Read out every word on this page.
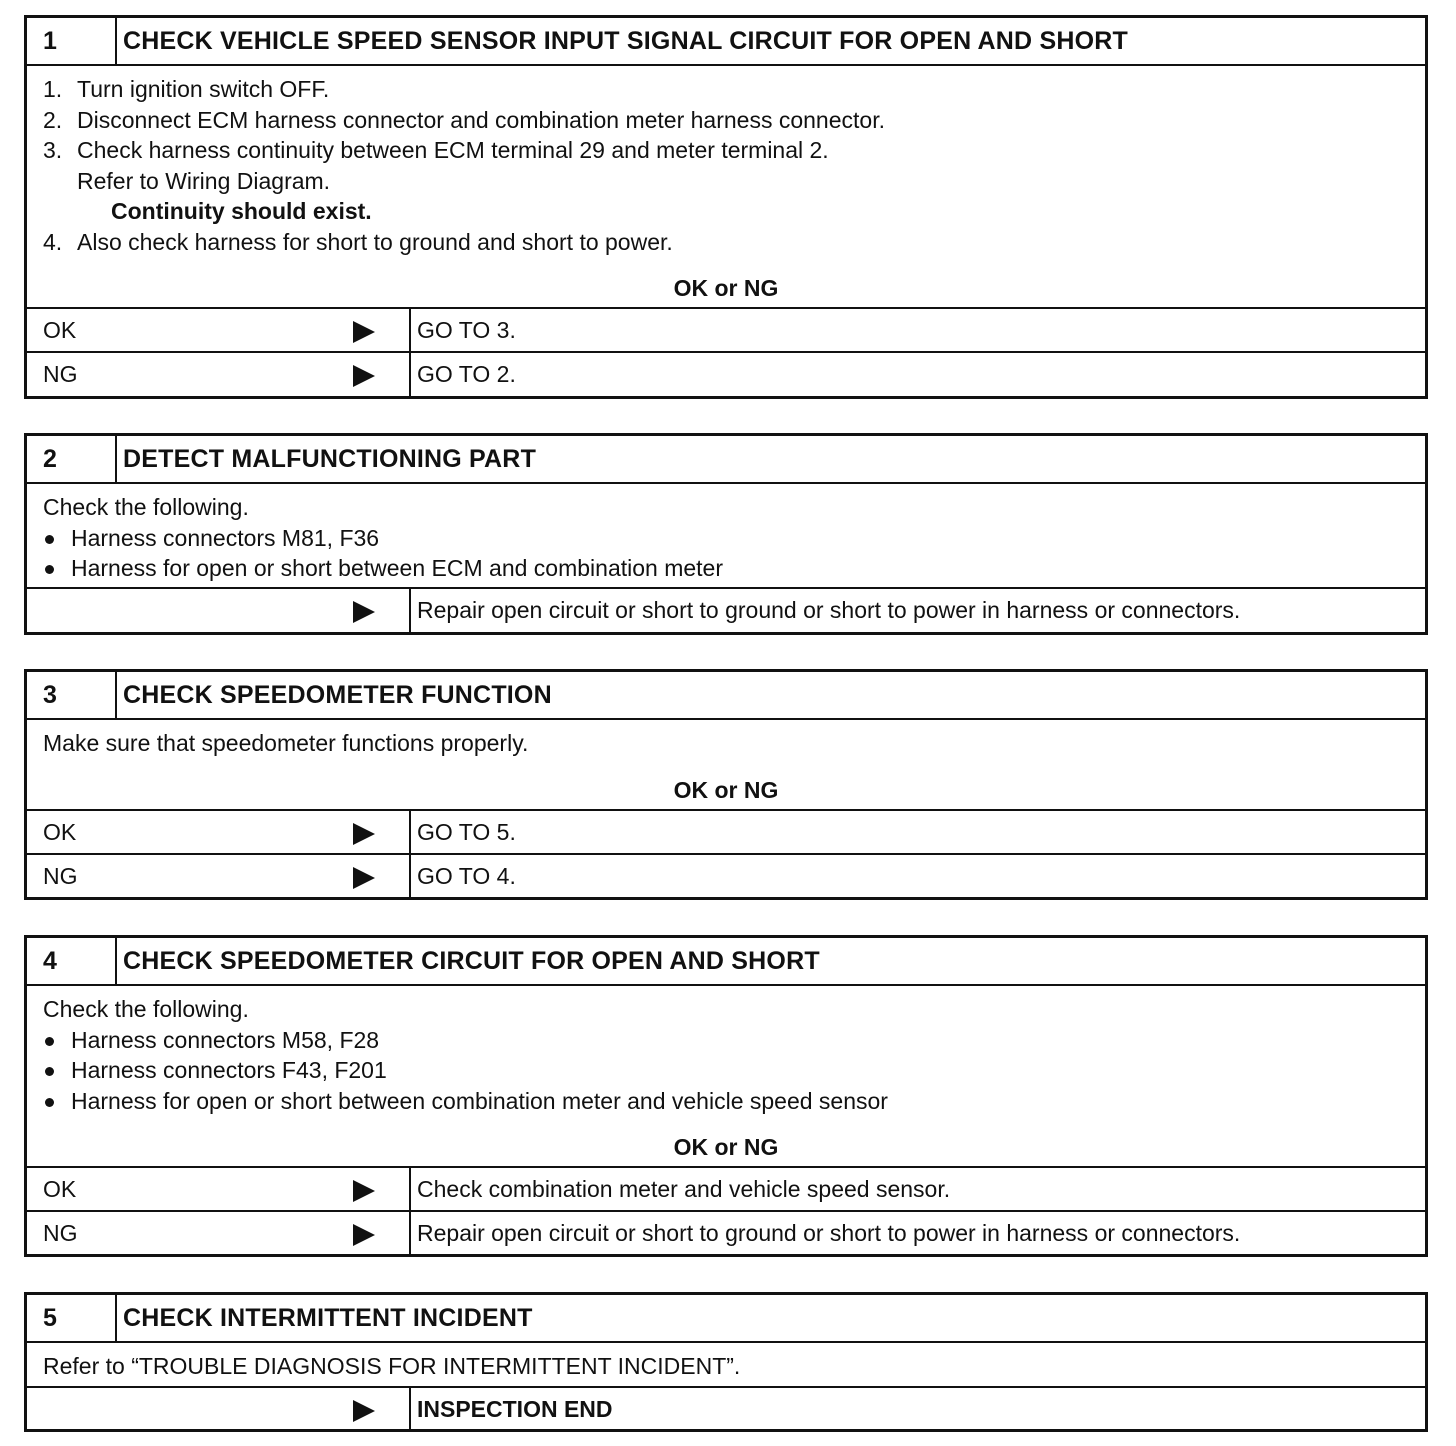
1	CHECK VEHICLE SPEED SENSOR INPUT SIGNAL CIRCUIT FOR OPEN AND SHORT
1. Turn ignition switch OFF.
2. Disconnect ECM harness connector and combination meter harness connector.
3. Check harness continuity between ECM terminal 29 and meter terminal 2.
Refer to Wiring Diagram.
Continuity should exist.
4. Also check harness for short to ground and short to power.
OK or NG
OK	GO TO 3.
NG	GO TO 2.
2	DETECT MALFUNCTIONING PART
Check the following.
Harness connectors M81, F36
Harness for open or short between ECM and combination meter
Repair open circuit or short to ground or short to power in harness or connectors.
3	CHECK SPEEDOMETER FUNCTION
Make sure that speedometer functions properly.
OK or NG
OK	GO TO 5.
NG	GO TO 4.
4	CHECK SPEEDOMETER CIRCUIT FOR OPEN AND SHORT
Check the following.
Harness connectors M58, F28
Harness connectors F43, F201
Harness for open or short between combination meter and vehicle speed sensor
OK or NG
OK	Check combination meter and vehicle speed sensor.
NG	Repair open circuit or short to ground or short to power in harness or connectors.
5	CHECK INTERMITTENT INCIDENT
Refer to “TROUBLE DIAGNOSIS FOR INTERMITTENT INCIDENT”.
INSPECTION END
